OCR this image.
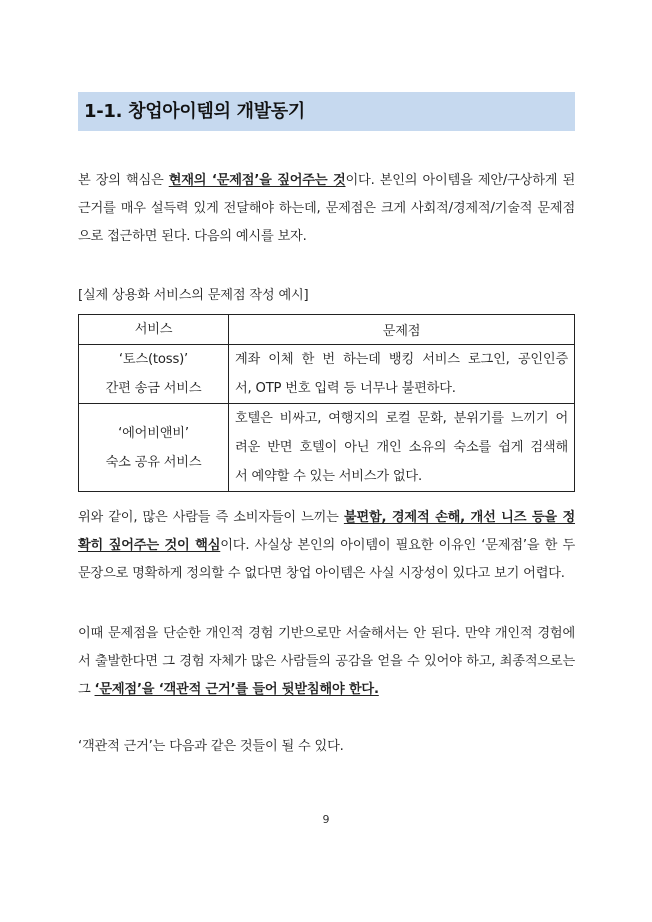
1-1. 창업아이템의 개발동기
본 장의 핵심은 현재의 ‘문제점’을 짚어주는 것이다. 본인의 아이템을 제안/구상하게 된
근거를 매우 설득력 있게 전달해야 하는데, 문제점은 크게 사회적/경제적/기술적 문제점
으로 접근하면 된다. 다음의 예시를 보자.
[실제 상용화 서비스의 문제점 작성 예시]
서비스	문제점

‘토스(toss)’
간편 송금 서비스	계좌 이체 한 번 하는데 뱅킹 서비스 로그인, 공인인증
서, OTP 번호 입력 등 너무나 불편하다.

‘에어비앤비’
숙소 공유 서비스	호텔은 비싸고, 여행지의 로컬 문화, 분위기를 느끼기 어
려운 반면 호텔이 아닌 개인 소유의 숙소를 쉽게 검색해
서 예약할 수 있는 서비스가 없다.
위와 같이, 많은 사람들 즉 소비자들이 느끼는 불편함, 경제적 손해, 개선 니즈 등을 정
확히 짚어주는 것이 핵심이다. 사실상 본인의 아이템이 필요한 이유인 ‘문제점’을 한 두
문장으로 명확하게 정의할 수 없다면 창업 아이템은 사실 시장성이 있다고 보기 어렵다.
이때 문제점을 단순한 개인적 경험 기반으로만 서술해서는 안 된다. 만약 개인적 경험에
서 출발한다면 그 경험 자체가 많은 사람들의 공감을 얻을 수 있어야 하고, 최종적으로는
그 ‘문제점’을 ‘객관적 근거’를 들어 뒷받침해야 한다.
‘객관적 근거’는 다음과 같은 것들이 될 수 있다.
9
